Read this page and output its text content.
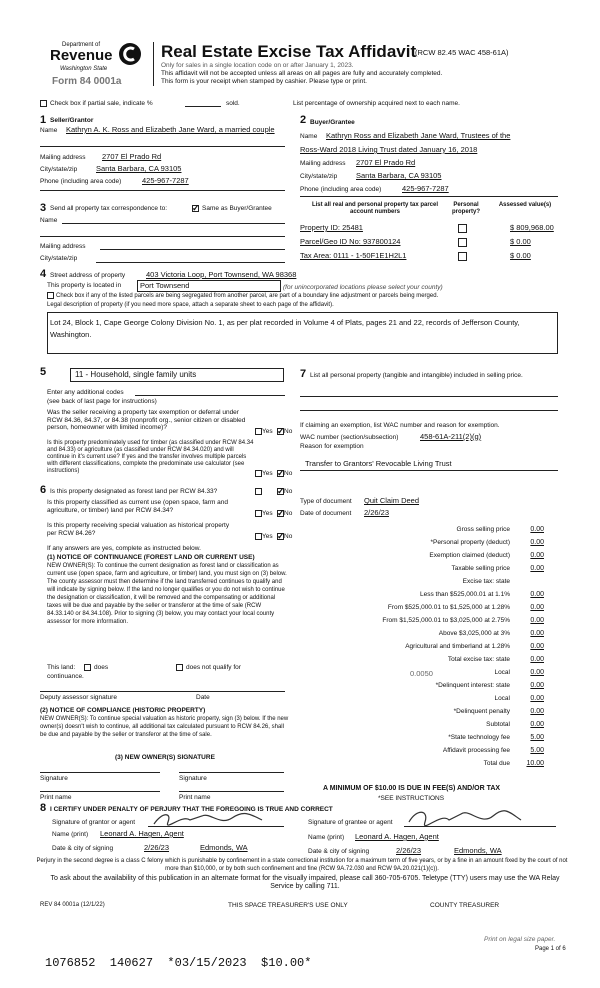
Department of
Revenue
Washington State
Form 84 0001a
Real Estate Excise Tax Affidavit
(RCW 82.45 WAC 458-61A)
Only for sales in a single location code on or after January 1, 2023.
This affidavit will not be accepted unless all areas on all pages are fully and accurately completed.
This form is your receipt when stamped by cashier. Please type or print.
Check box if partial sale, indicate %	sold.	List percentage of ownership acquired next to each name.
1 Seller/Grantor
Name Kathryn A. K. Ross and Elizabeth Jane Ward, a married couple
Mailing address 2707 El Prado Rd
City/state/zip	Santa Barbara, CA 93105
Phone (including area code)	425-967-7287
2 Buyer/Grantee
Name Kathryn Ross and Elizabeth Jane Ward, Trustees of the
Ross-Ward 2018 Living Trust dated January 16, 2018
Mailing address 2707 El Prado Rd
City/state/zip	Santa Barbara, CA 93105
Phone (including area code)	425-967-7287
3 Send all property tax correspondence to: ✓	Same as Buyer/Grantee
Name
Mailing address
City/state/zip
List all real and personal property tax parcel account numbers
Personal property?
Assessed value(s)
Property ID: 25481	$ 809,968.00
Parcel/Geo ID No: 937800124	$ 0.00
Tax Area: 0111 - 1-50F1E1H2L1	$ 0.00
4 Street address of property	403 Victoria Loop, Port Townsend, WA 98368
This property is located in	Port Townsend	(for unincorporated locations please select your county)
Check box if any of the listed parcels are being segregated from another parcel, are part of a boundary line adjustment or parcels being merged.
Legal description of property (if you need more space, attach a separate sheet to each page of the affidavit).
Lot 24, Block 1, Cape George Colony Division No. 1, as per plat recorded in Volume 4 of Plats, pages 21 and 22, records of Jefferson County, Washington.
5	11 - Household, single family units
Enter any additional codes
(see back of last page for instructions)
Was the seller receiving a property tax exemption or deferral under RCW 84.36, 84.37, or 84.38 (nonprofit org., senior citizen or disabled person, homeowner with limited income)?
Yes ✓ No
Is this property predominately used for timber (as classified under RCW 84.34 and 84.33) or agriculture (as classified under RCW 84.34.020) and will continue in it's current use? If yes and the transfer involves multiple parcels with different classifications, complete the predominate use calculator (see instructions)	Yes ✓ No
6 Is this property designated as forest land per RCW 84.33? ✓	No
Is this property classified as current use (open space, farm and agriculture, or timber) land per RCW 84.34?	Yes ✓ No
Is this property receiving special valuation as historical property per RCW 84.26?	Yes ✓ No
If any answers are yes, complete as instructed below.
(1) NOTICE OF CONTINUANCE (FOREST LAND OR CURRENT USE)
NEW OWNER(S): To continue the current designation as forest land or classification as current use (open space, farm and agriculture, or timber) land, you must sign on (3) below. The county assessor must then determine if the land transferred continues to qualify and will indicate by signing below. If the land no longer qualifies or you do not wish to continue the designation or classification, it will be removed and the compensating or additional taxes will be due and payable by the seller or transferor at the time of sale (RCW 84.33.140 or 84.34.108). Prior to signing (3) below, you may contact your local county assessor for more information.
This land:	does	does not qualify for
continuance.
Deputy assessor signature	Date
(2) NOTICE OF COMPLIANCE (HISTORIC PROPERTY)
NEW OWNER(S): To continue special valuation as historic property, sign (3) below. If the new owner(s) doesn't wish to continue, all additional tax calculated pursuant to RCW 84.26, shall be due and payable by the seller or transferor at the time of sale.
(3) NEW OWNER(S) SIGNATURE
Signature	Signature
Print name	Print name
7 List all personal property (tangible and intangible) included in selling price.
If claiming an exemption, list WAC number and reason for exemption.
WAC number (section/subsection)	458-61A-211(2)(g)
Reason for exemption
Transfer to Grantors' Revocable Living Trust
Type of document Quit Claim Deed
Date of document 2/26/23
Gross selling price	0.00
*Personal property (deduct)	0.00
Exemption claimed (deduct)	0.00
Taxable selling price	0.00
Excise tax: state
Less than $525,000.01 at 1.1%	0.00
From $525,000.01 to $1,525,000 at 1.28%	0.00
From $1,525,000.01 to $3,025,000 at 2.75%	0.00
Above $3,025,000 at 3%	0.00
Agricultural and timberland at 1.28%	0.00
Total excise tax: state	0.00
Local	0.00
*Delinquent interest: state	0.00
Local	0.00
*Delinquent penalty	0.00
Subtotal	0.00
*State technology fee	5.00
Affidavit processing fee	5.00
Total due	10.00
0.0050
A MINIMUM OF $10.00 IS DUE IN FEE(S) AND/OR TAX
*SEE INSTRUCTIONS
8 I CERTIFY UNDER PENALTY OF PERJURY THAT THE FOREGOING IS TRUE AND CORRECT
Signature of grantor or agent	Signature of grantee or agent
Name (print) Leonard A. Hagen, Agent	Name (print) Leonard A. Hagen, Agent
Date & city of signing	2/26/23	Edmonds, WA	Date & city of signing	2/26/23	Edmonds, WA
Perjury in the second degree is a class C felony which is punishable by confinement in a state correctional institution for a maximum term of five years, or by a fine in an amount fixed by the court of not more than $10,000, or by both such confinement and fine (RCW 9A.72.030 and RCW 9A.20.021(1)(c)).
To ask about the availability of this publication in an alternate format for the visually impaired, please call 360-705-6705. Teletype (TTY) users may use the WA Relay Service by calling 711.
REV 84 0001a (12/1/22)	THIS SPACE TREASURER'S USE ONLY	COUNTY TREASURER
Print on legal size paper.
Page 1 of 6
1076852  140627  *03/15/2023  $10.00*
